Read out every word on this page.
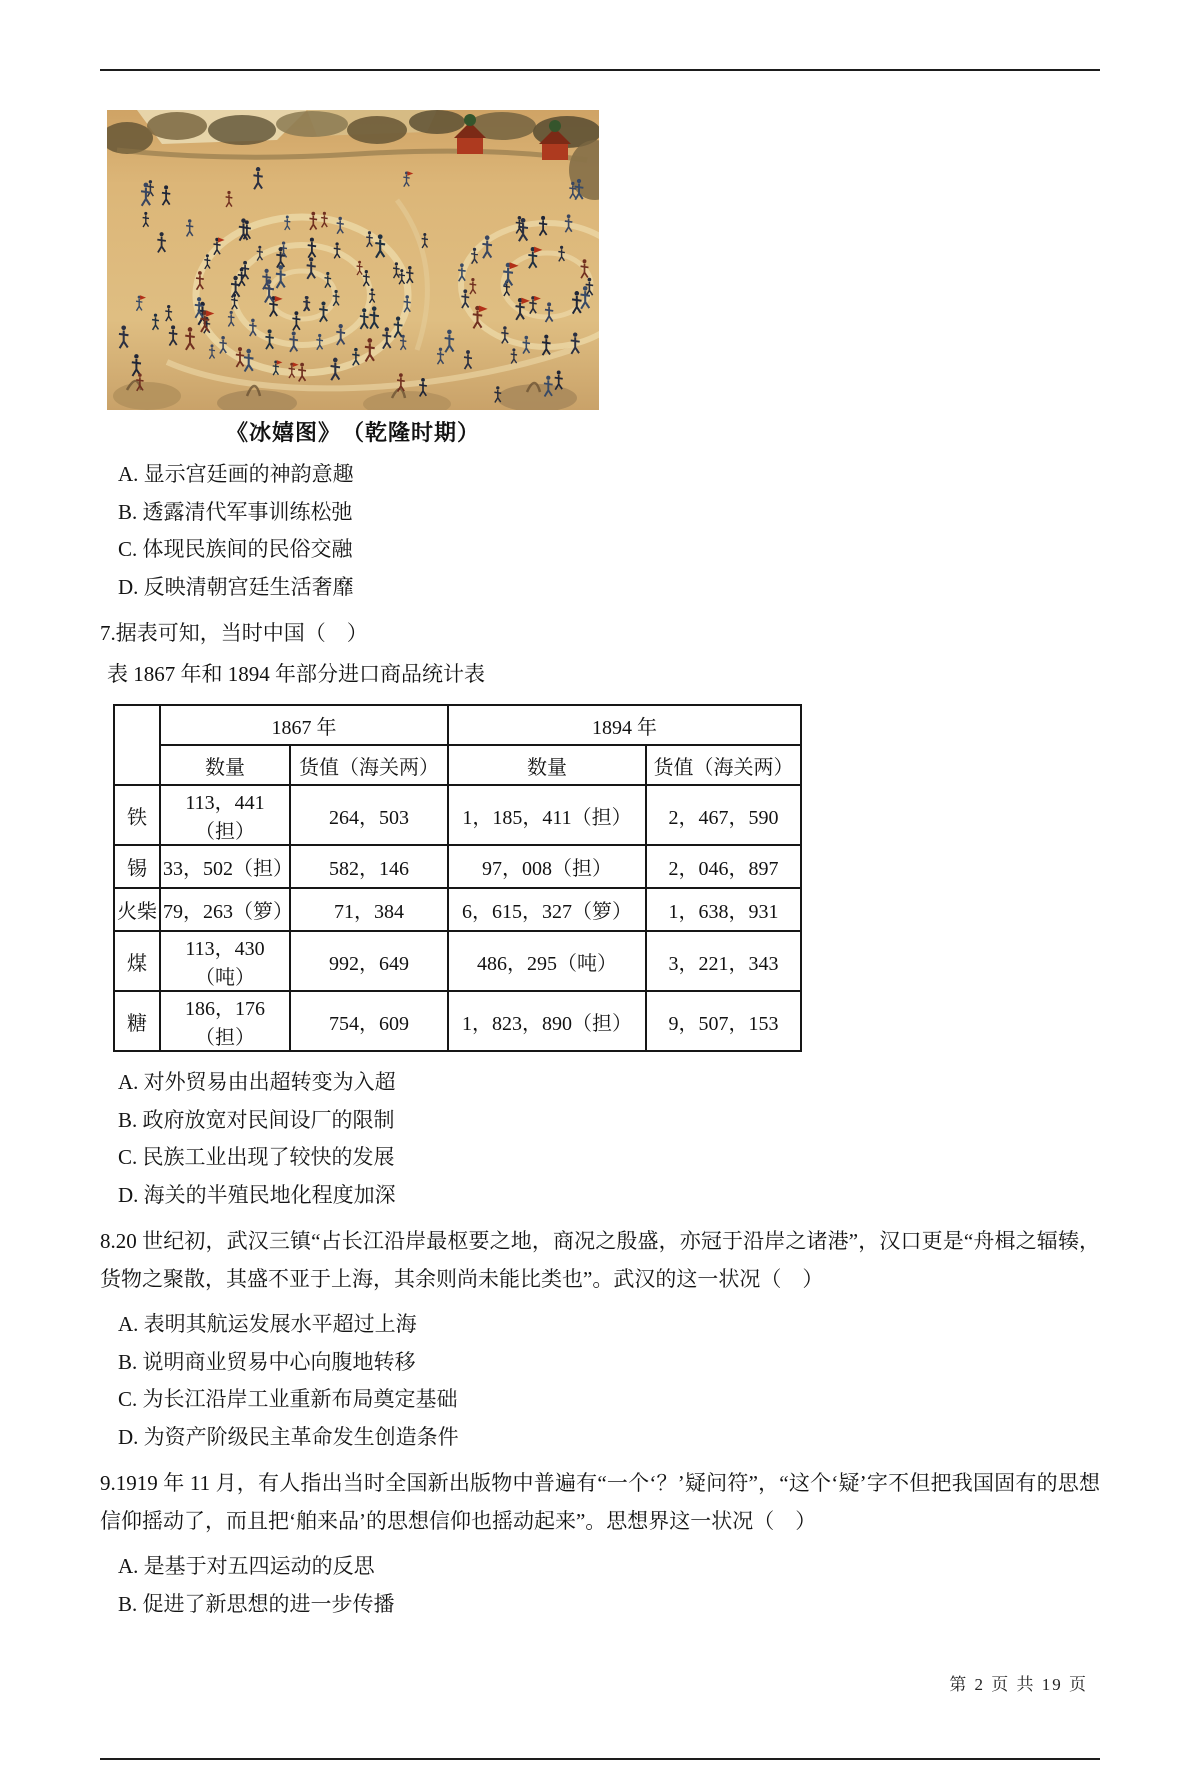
《冰嬉图》　（乾隆时期）
A. 显示宫廷画的神韵意趣
B. 透露清代军事训练松弛
C. 体现民族间的民俗交融
D. 反映清朝宫廷生活奢靡
7.据表可知，当时中国（　）
表 1867 年和 1894 年部分进口商品统计表
	1867 年		1894 年	
	数量	货值（海关两）	数量	货值（海关两）
铁	113，441（担）	264，503	1，185，411（担）	2，467，590
锡	33，502（担）	582，146	97，008（担）	2，046，897
火柴	79，263（箩）	71，384	6，615，327（箩）	1，638，931
煤	113，430（吨）	992，649	486，295（吨）	3，221，343
糖	186，176（担）	754，609	1，823，890（担）	9，507，153
A. 对外贸易由出超转变为入超
B. 政府放宽对民间设厂的限制
C. 民族工业出现了较快的发展
D. 海关的半殖民地化程度加深
8.20 世纪初，武汉三镇“占长江沿岸最枢要之地，商况之殷盛，亦冠于沿岸之诸港”，汉口更是“舟楫之辐辏，货物之聚散，其盛不亚于上海，其余则尚未能比类也”。武汉的这一状况（　）
A. 表明其航运发展水平超过上海
B. 说明商业贸易中心向腹地转移
C. 为长江沿岸工业重新布局奠定基础
D. 为资产阶级民主革命发生创造条件
9.1919 年 11 月，有人指出当时全国新出版物中普遍有“一个‘？’疑问符”，“这个‘疑’字不但把我国固有的思想信仰摇动了，而且把‘舶来品’的思想信仰也摇动起来”。思想界这一状况（　）
A. 是基于对五四运动的反思
B. 促进了新思想的进一步传播
第 2 页 共 19 页
